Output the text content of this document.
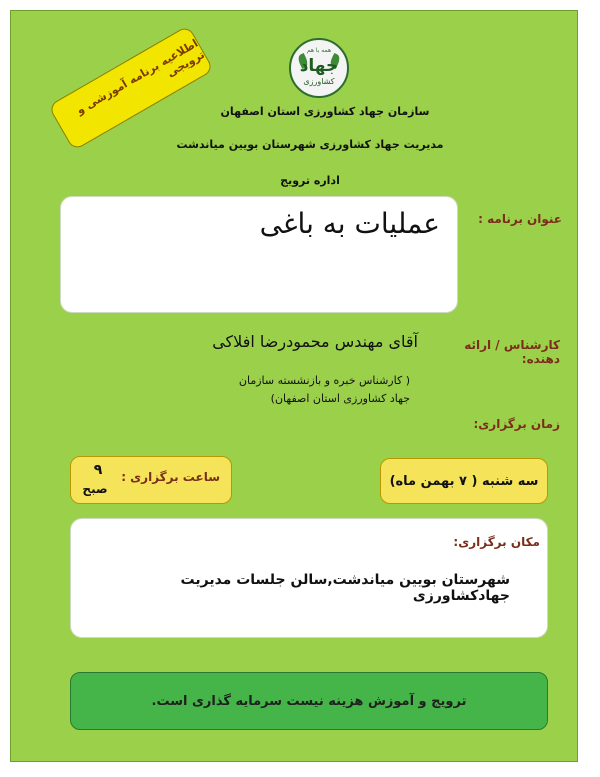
اطلاعیه برنامه آموزشی و ترویجی	همه با هم
جهاد
کشاورزی
سازمان جهاد کشاورزی استان اصفهان
مدیریت جهاد کشاورزی شهرستان بویین میاندشت
اداره ترویج
عنوان برنامه :
عملیات به باغی
کارشناس / ارائه دهنده:
آقای مهندس محمودرضا افلاکی
( کارشناس خبره و بازنشسته سازمان
جهاد کشاورزی استان اصفهان)
زمان برگزاری:
سه شنبه ( ۷ بهمن ماه)
ساعت برگزاری :
۹
صبح
مکان برگزاری:
شهرستان بویین میاندشت,سالن جلسات مدیریت جهادکشاورزی
ترویج و آموزش هزینه نیست سرمایه گذاری است.
